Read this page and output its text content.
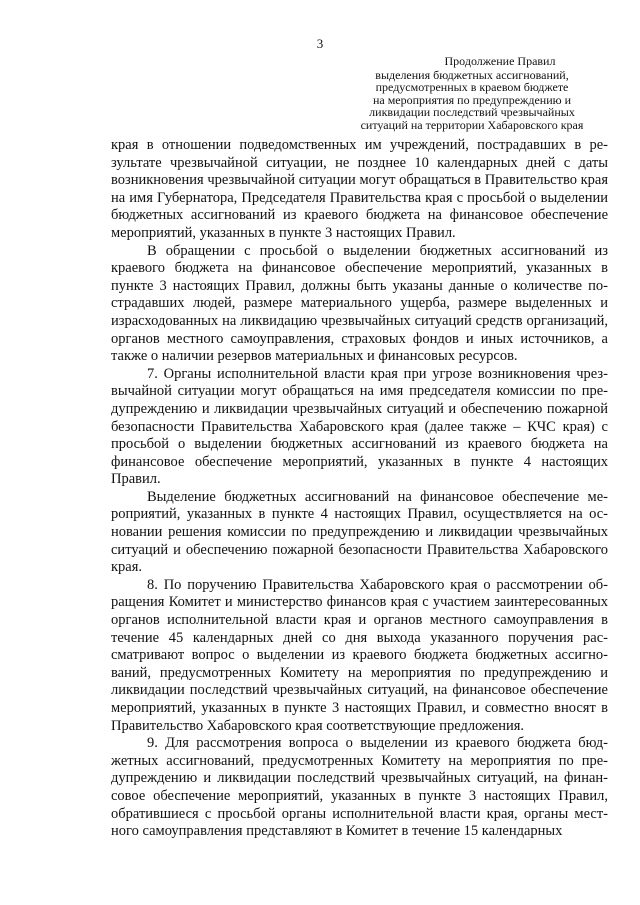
3
Продолжение Правил
выделения бюджетных ассигнований,
предусмотренных в краевом бюджете
на мероприятия по предупреждению и
ликвидации последствий чрезвычайных
ситуаций на территории Хабаровского края

края в отношении подведомственных им учреждений, пострадавших в результате чрезвычайной ситуации, не позднее 10 календарных дней с даты возникновения чрезвычайной ситуации могут обращаться в Правительство края на имя Губернатора, Председателя Правительства края с просьбой о выделении бюджетных ассигнований из краевого бюджета на финансовое обеспечение мероприятий, указанных в пункте 3 настоящих Правил.

В обращении с просьбой о выделении бюджетных ассигнований из краевого бюджета на финансовое обеспечение мероприятий, указанных в пункте 3 настоящих Правил, должны быть указаны данные о количестве пострадавших людей, размере материального ущерба, размере выделенных и израсходованных на ликвидацию чрезвычайных ситуаций средств организаций, органов местного самоуправления, страховых фондов и иных источников, а также о наличии резервов материальных и финансовых ресурсов.

7. Органы исполнительной власти края при угрозе возникновения чрезвычайной ситуации могут обращаться на имя председателя комиссии по предупреждению и ликвидации чрезвычайных ситуаций и обеспечению пожарной безопасности Правительства Хабаровского края (далее также – КЧС края) с просьбой о выделении бюджетных ассигнований из краевого бюджета на финансовое обеспечение мероприятий, указанных в пункте 4 настоящих Правил.

Выделение бюджетных ассигнований на финансовое обеспечение мероприятий, указанных в пункте 4 настоящих Правил, осуществляется на основании решения комиссии по предупреждению и ликвидации чрезвычайных ситуаций и обеспечению пожарной безопасности Правительства Хабаровского края.

8. По поручению Правительства Хабаровского края о рассмотрении обращения Комитет и министерство финансов края с участием заинтересованных органов исполнительной власти края и органов местного самоуправления в течение 45 календарных дней со дня выхода указанного поручения рассматривают вопрос о выделении из краевого бюджета бюджетных ассигнований, предусмотренных Комитету на мероприятия по предупреждению и ликвидации последствий чрезвычайных ситуаций, на финансовое обеспечение мероприятий, указанных в пункте 3 настоящих Правил, и совместно вносят в Правительство Хабаровского края соответствующие предложения.

9. Для рассмотрения вопроса о выделении из краевого бюджета бюджетных ассигнований, предусмотренных Комитету на мероприятия по предупреждению и ликвидации последствий чрезвычайных ситуаций, на финансовое обеспечение мероприятий, указанных в пункте 3 настоящих Правил, обратившиеся с просьбой органы исполнительной власти края, органы местного самоуправления представляют в Комитет в течение 15 календарных
